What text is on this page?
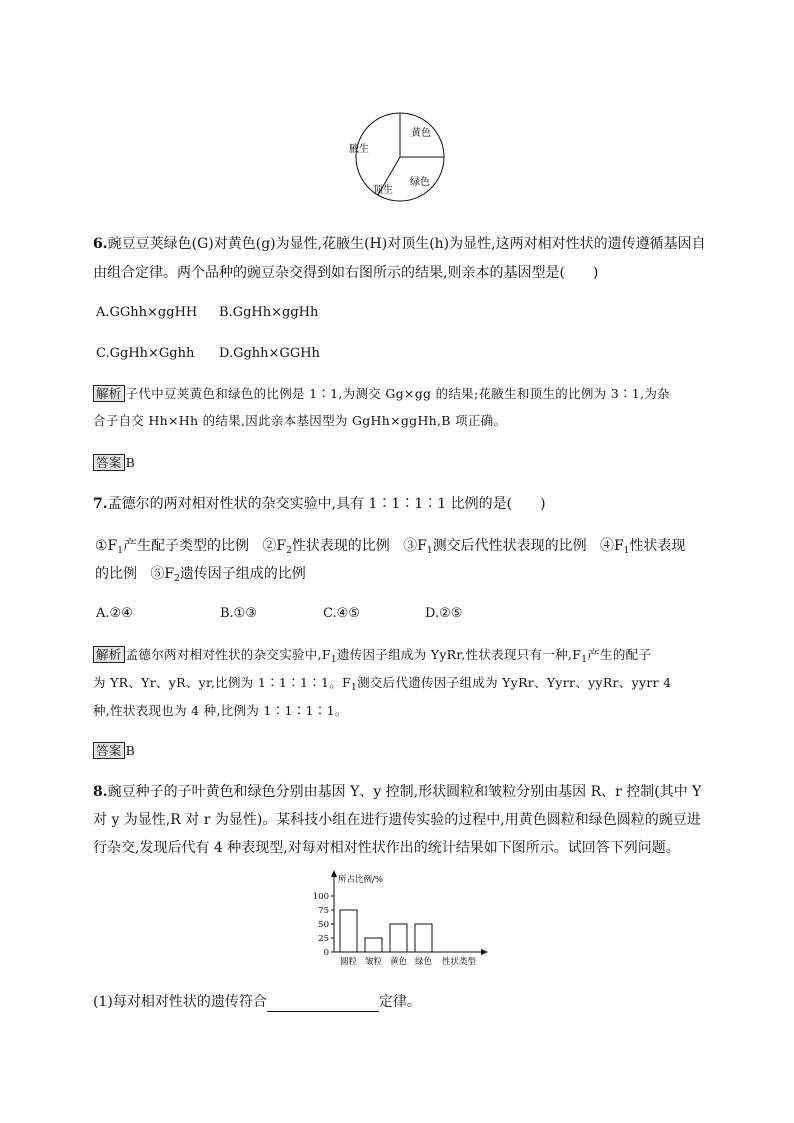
腋生
黄色
顶生
绿色
6.豌豆豆荚绿色(G)对黄色(g)为显性,花腋生(H)对顶生(h)为显性,这两对相对性状的遗传遵循基因自
由组合定律。两个品种的豌豆杂交得到如右图所示的结果,则亲本的基因型是(　　)
A.GGhh×ggHH B.GgHh×ggHh
C.GgHh×Gghh D.Gghh×GGHh
解析 子代中豆荚黄色和绿色的比例是 1∶1,为测交 Gg×gg 的结果;花腋生和顶生的比例为 3∶1,为杂
合子自交 Hh×Hh 的结果,因此亲本基因型为 GgHh×ggHh,B 项正确。
答案 B
7.孟德尔的两对相对性状的杂交实验中,具有 1∶1∶1∶1 比例的是(　　)
$①F_1$产生配子类型的比例 $②F_2$性状表现的比例 $③F_1$测交后代性状表现的比例 $④F_1$性状表现
的比例 $⑤F_2$遗传因子组成的比例
A.②④	B.①③	C.④⑤	D.②⑤
解析 孟德尔两对相对性状的杂交实验中$,F_1$遗传因子组成为 YyRr,性状表现只有一种$,F_1$产生的配子
为 YR、Yr、yR、yr,比例为 1∶1∶1∶1。$F_1$测交后代遗传因子组成为 YyRr、Yyrr、yyRr、yyrr 4
种,性状表现也为 4 种,比例为 1∶1∶1∶1。
答案 B
8.豌豆种子的子叶黄色和绿色分别由基因 Y、y 控制,形状圆粒和皱粒分别由基因 R、r 控制(其中 Y
对 y 为显性,R 对 r 为显性)。某科技小组在进行遗传实验的过程中,用黄色圆粒和绿色圆粒的豌豆进
行杂交,发现后代有 4 种表现型,对每对相对性状作出的统计结果如下图所示。试回答下列问题。
所占比例/%
性状类型
0
25
50
75
100
圆粒 皱粒 黄色 绿色
(1)每对相对性状的遗传符合	定律。
